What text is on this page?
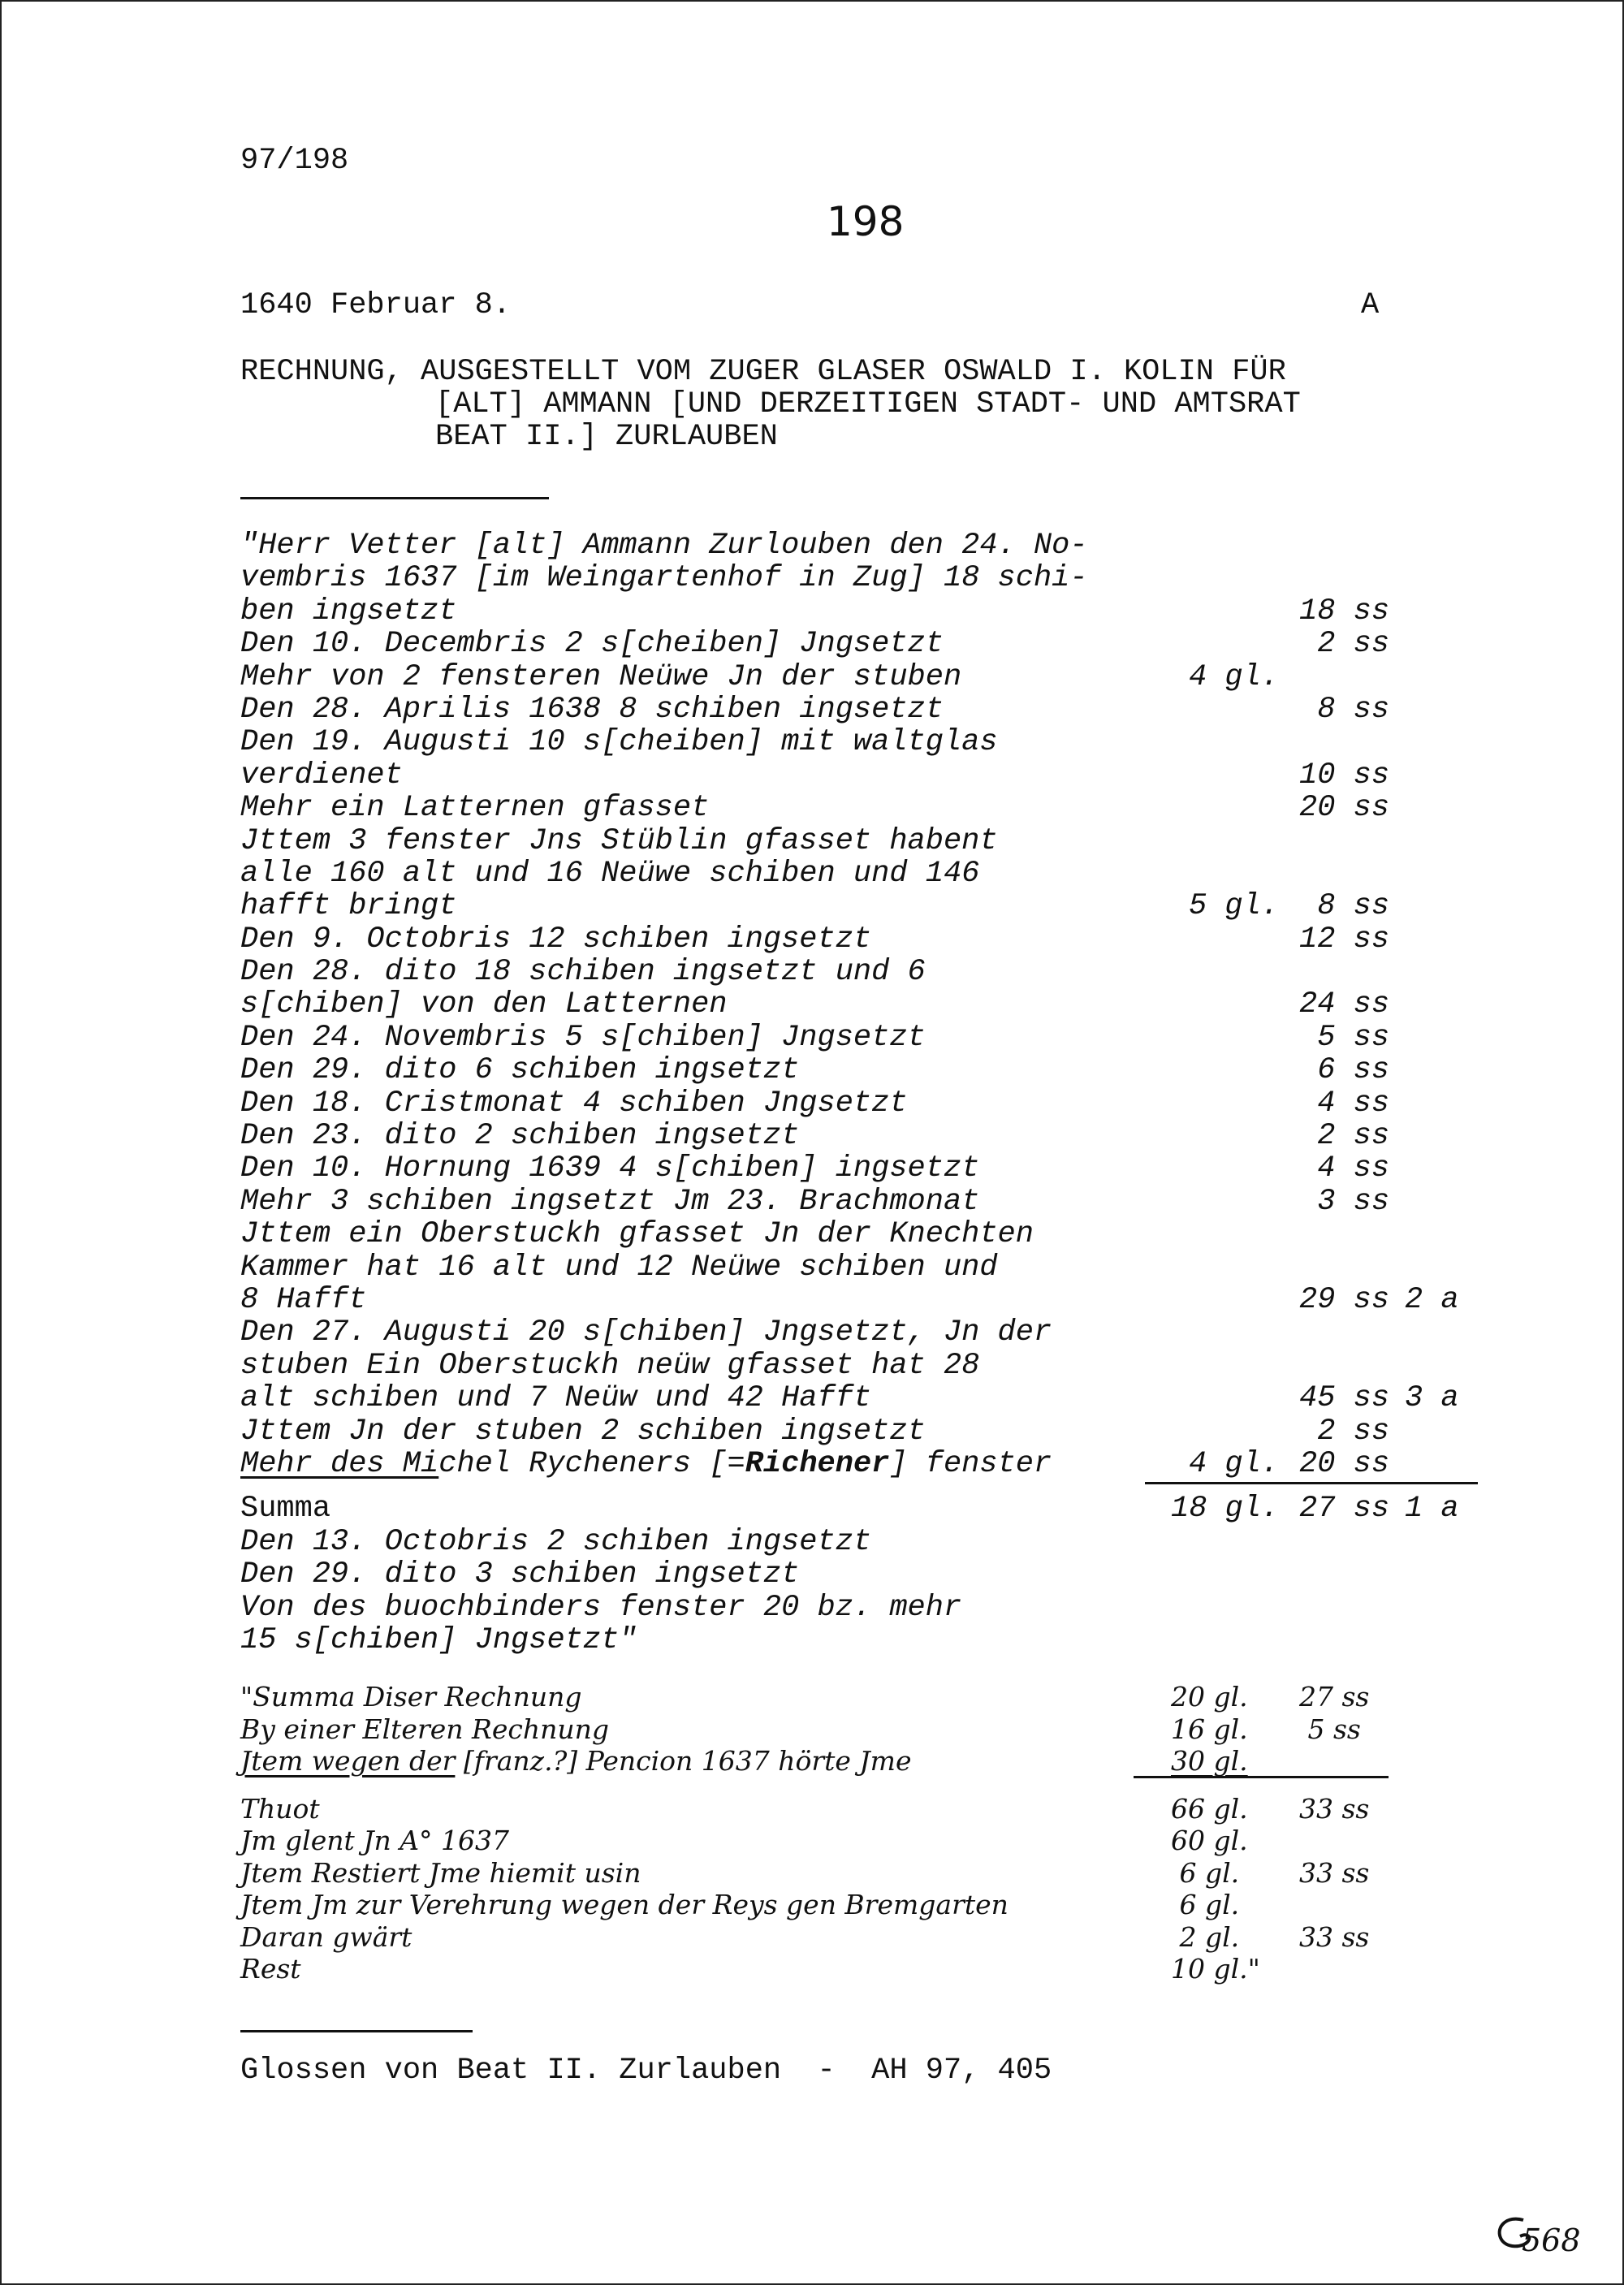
97/198
198
1640 Februar 8.	A
RECHNUNG, AUSGESTELLT VOM ZUGER GLASER OSWALD I. KOLIN FÜR
[ALT] AMMANN [UND DERZEITIGEN STADT- UND AMTSRAT
BEAT II.] ZURLAUBEN
"Herr Vetter [alt] Ammann Zurlouben den 24. No-
vembris 1637 [im Weingartenhof in Zug] 18 schi-
ben ingsetzt	18 ss
Den 10. Decembris 2 s[cheiben] Jngsetzt	2 ss
Mehr von 2 fensteren Neüwe Jn der stuben	4 gl.
Den 28. Aprilis 1638 8 schiben ingsetzt	8 ss
Den 19. Augusti 10 s[cheiben] mit waltglas
verdienet	10 ss
Mehr ein Latternen gfasset	20 ss
Jttem 3 fenster Jns Stüblin gfasset habent
alle 160 alt und 16 Neüwe schiben und 146
hafft bringt	5 gl. 8 ss
Den 9. Octobris 12 schiben ingsetzt	12 ss
Den 28. dito 18 schiben ingsetzt und 6
s[chiben] von den Latternen	24 ss
Den 24. Novembris 5 s[chiben] Jngsetzt	5 ss
Den 29. dito 6 schiben ingsetzt	6 ss
Den 18. Cristmonat 4 schiben Jngsetzt	4 ss
Den 23. dito 2 schiben ingsetzt	2 ss
Den 10. Hornung 1639 4 s[chiben] ingsetzt	4 ss
Mehr 3 schiben ingsetzt Jm 23. Brachmonat	3 ss
Jttem ein Oberstuckh gfasset Jn der Knechten
Kammer hat 16 alt und 12 Neüwe schiben und
8 Hafft	29 ss 2 a
Den 27. Augusti 20 s[chiben] Jngsetzt, Jn der
stuben Ein Oberstuckh neüw gfasset hat 28
alt schiben und 7 Neüw und 42 Hafft	45 ss 3 a
Jttem Jn der stuben 2 schiben ingsetzt	2 ss
Mehr des Michel Rycheners [=Richener] fenster	4 gl. 20 ss
Summa	18 gl. 27 ss 1 a
Den 13. Octobris 2 schiben ingsetzt
Den 29. dito 3 schiben ingsetzt
Von des buochbinders fenster 20 bz. mehr
15 s[chiben] Jngsetzt"
"Summa Diser Rechnung	20 gl. 27 ss
By einer Elteren Rechnung	16 gl. 5 ss
Jtem wegen der [franz.?] Pencion 1637 hörte Jme	30 gl.
Thuot	66 gl. 33 ss
Jm glent Jn A° 1637	60 gl.
Jtem Restiert Jme hiemit usin	6 gl. 33 ss
Jtem Jm zur Verehrung wegen der Reys gen Bremgarten	6 gl.
Daran gwärt	2 gl. 33 ss
Rest	10 gl."
Glossen von Beat II. Zurlauben  -  AH 97, 405
568
